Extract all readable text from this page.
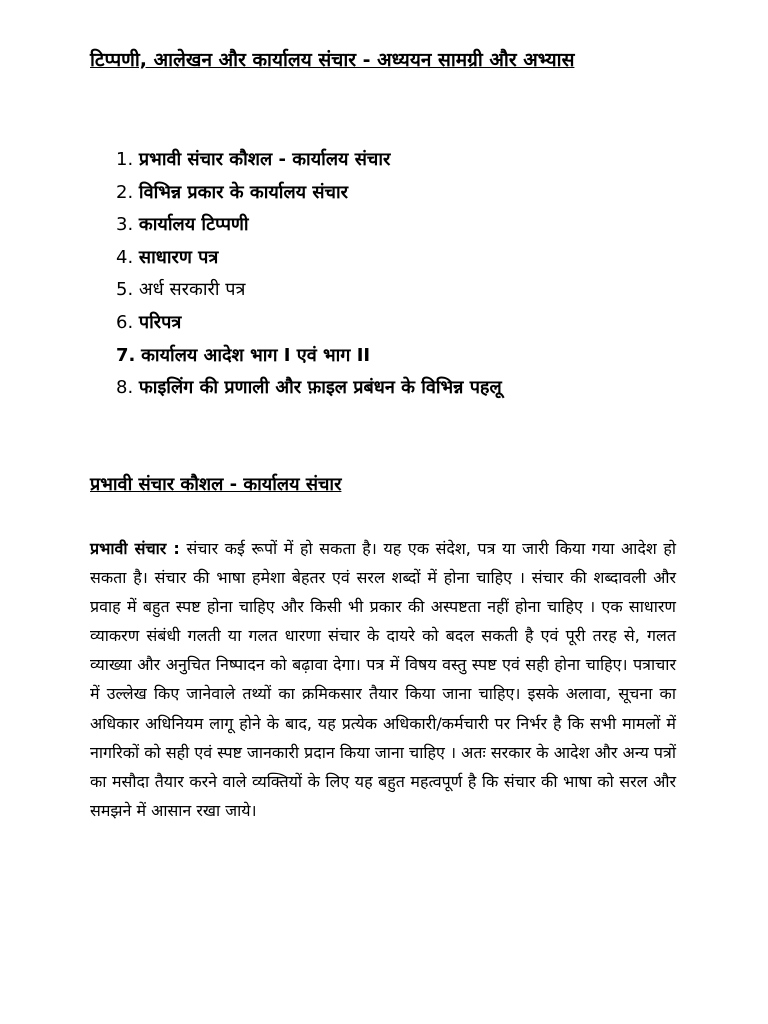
टिप्पणी, आलेखन और कार्यालय संचार - अध्ययन सामग्री और अभ्यास
1. प्रभावी संचार कौशल - कार्यालय संचार
2. विभिन्न प्रकार के कार्यालय संचार
3. कार्यालय टिप्पणी
4. साधारण पत्र
5. अर्ध सरकारी पत्र
6. परिपत्र
7. कार्यालय आदेश भाग I एवं भाग II
8. फाइलिंग की प्रणाली और फ़ाइल प्रबंधन के विभिन्न पहलू
प्रभावी संचार कौशल - कार्यालय संचार

प्रभावी संचार : संचार कई रूपों में हो सकता है। यह एक संदेश, पत्र या जारी किया गया आदेश हो सकता है। संचार की भाषा हमेशा बेहतर एवं सरल शब्दों में होना चाहिए । संचार की शब्दावली और प्रवाह में बहुत स्पष्ट होना चाहिए और किसी भी प्रकार की अस्पष्टता नहीं होना चाहिए । एक साधारण व्याकरण संबंधी गलती या गलत धारणा संचार के दायरे को बदल सकती है एवं पूरी तरह से, गलत व्याख्या और अनुचित निष्पादन को बढ़ावा देगा। पत्र में विषय वस्तु स्पष्ट एवं सही होना चाहिए। पत्राचार में उल्लेख किए जानेवाले तथ्यों का क्रमिकसार तैयार किया जाना चाहिए। इसके अलावा, सूचना का अधिकार अधिनियम लागू होने के बाद, यह प्रत्येक अधिकारी/कर्मचारी पर निर्भर है कि सभी मामलों में नागरिकों को सही एवं स्पष्ट जानकारी प्रदान किया जाना चाहिए । अतः सरकार के आदेश और अन्य पत्रों का मसौदा तैयार करने वाले व्यक्तियों के लिए यह बहुत महत्वपूर्ण है कि संचार की भाषा को सरल और समझने में आसान रखा जाये।
